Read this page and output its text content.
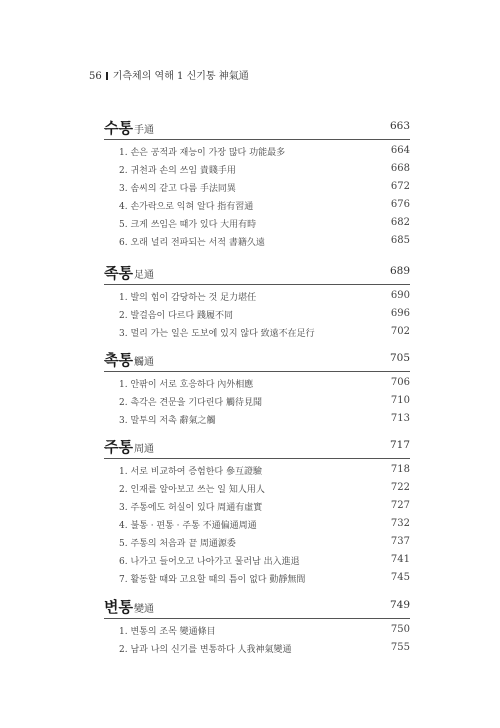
56 기측체의 역해 1 신기통 神氣通
수통手通	663
1. 손은 공적과 재능이 가장 많다 功能最多	664
2. 귀천과 손의 쓰임 貴賤手用	668
3. 솜씨의 같고 다름 手法同異	672
4. 손가락으로 익혀 알다 指有習通	676
5. 크게 쓰임은 때가 있다 大用有時	682
6. 오래 널리 전파되는 서적 書籍久遠	685
족통足通	689
1. 발의 힘이 감당하는 것 足力堪任	690
2. 발걸음이 다르다 踐履不同	696
3. 멀리 가는 일은 도보에 있지 않다 致遠不在足行	702
촉통觸通	705
1. 안팎이 서로 호응하다 內外相應	706
2. 촉각은 견문을 기다린다 觸待見聞	710
3. 말투의 저촉 辭氣之觸	713
주통周通	717
1. 서로 비교하여 증험한다 參互證驗	718
2. 인재를 알아보고 쓰는 일 知人用人	722
3. 주통에도 허실이 있다 周通有虛實	727
4. 불통 · 편통 · 주통 不通偏通周通	732
5. 주통의 처음과 끝 周通源委	737
6. 나가고 들어오고 나아가고 물러남 出入進退	741
7. 활동할 때와 고요할 때의 틈이 없다 動靜無間	745
변통變通	749
1. 변통의 조목 變通條目	750
2. 남과 나의 신기를 변통하다 人我神氣變通	755
